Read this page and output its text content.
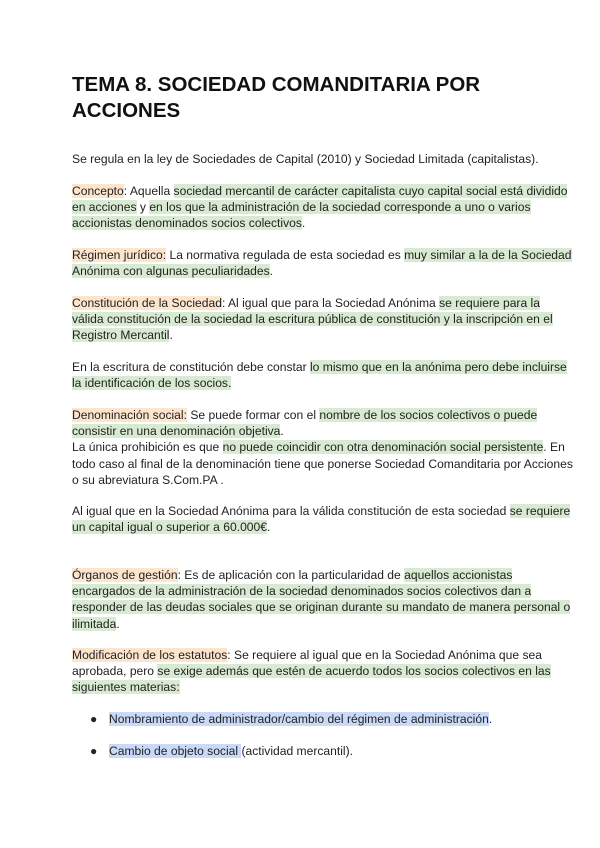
TEMA 8. SOCIEDAD COMANDITARIA POR
ACCIONES

Se regula en la ley de Sociedades de Capital (2010) y Sociedad Limitada (capitalistas).

Concepto: Aquella sociedad mercantil de carácter capitalista cuyo capital social está dividido en acciones y en los que la administración de la sociedad corresponde a uno o varios accionistas denominados socios colectivos.

Régimen jurídico: La normativa regulada de esta sociedad es muy similar a la de la Sociedad Anónima con algunas peculiaridades.

Constitución de la Sociedad: Al igual que para la Sociedad Anónima se requiere para la válida constitución de la sociedad la escritura pública de constitución y la inscripción en el Registro Mercantil.

En la escritura de constitución debe constar lo mismo que en la anónima pero debe incluirse la identificación de los socios.

Denominación social: Se puede formar con el nombre de los socios colectivos o puede consistir en una denominación objetiva.
La única prohibición es que no puede coincidir con otra denominación social persistente. En todo caso al final de la denominación tiene que ponerse Sociedad Comanditaria por Acciones o su abreviatura S.Com.PA .

Al igual que en la Sociedad Anónima para la válida constitución de esta sociedad se requiere un capital igual o superior a 60.000€.

Órganos de gestión: Es de aplicación con la particularidad de aquellos accionistas encargados de la administración de la sociedad denominados socios colectivos dan a responder de las deudas sociales que se originan durante su mandato de manera personal o ilimitada.

Modificación de los estatutos: Se requiere al igual que en la Sociedad Anónima que sea aprobada, pero se exige además que estén de acuerdo todos los socios colectivos en las siguientes materias:

● Nombramiento de administrador/cambio del régimen de administración.
● Cambio de objeto social (actividad mercantil).
